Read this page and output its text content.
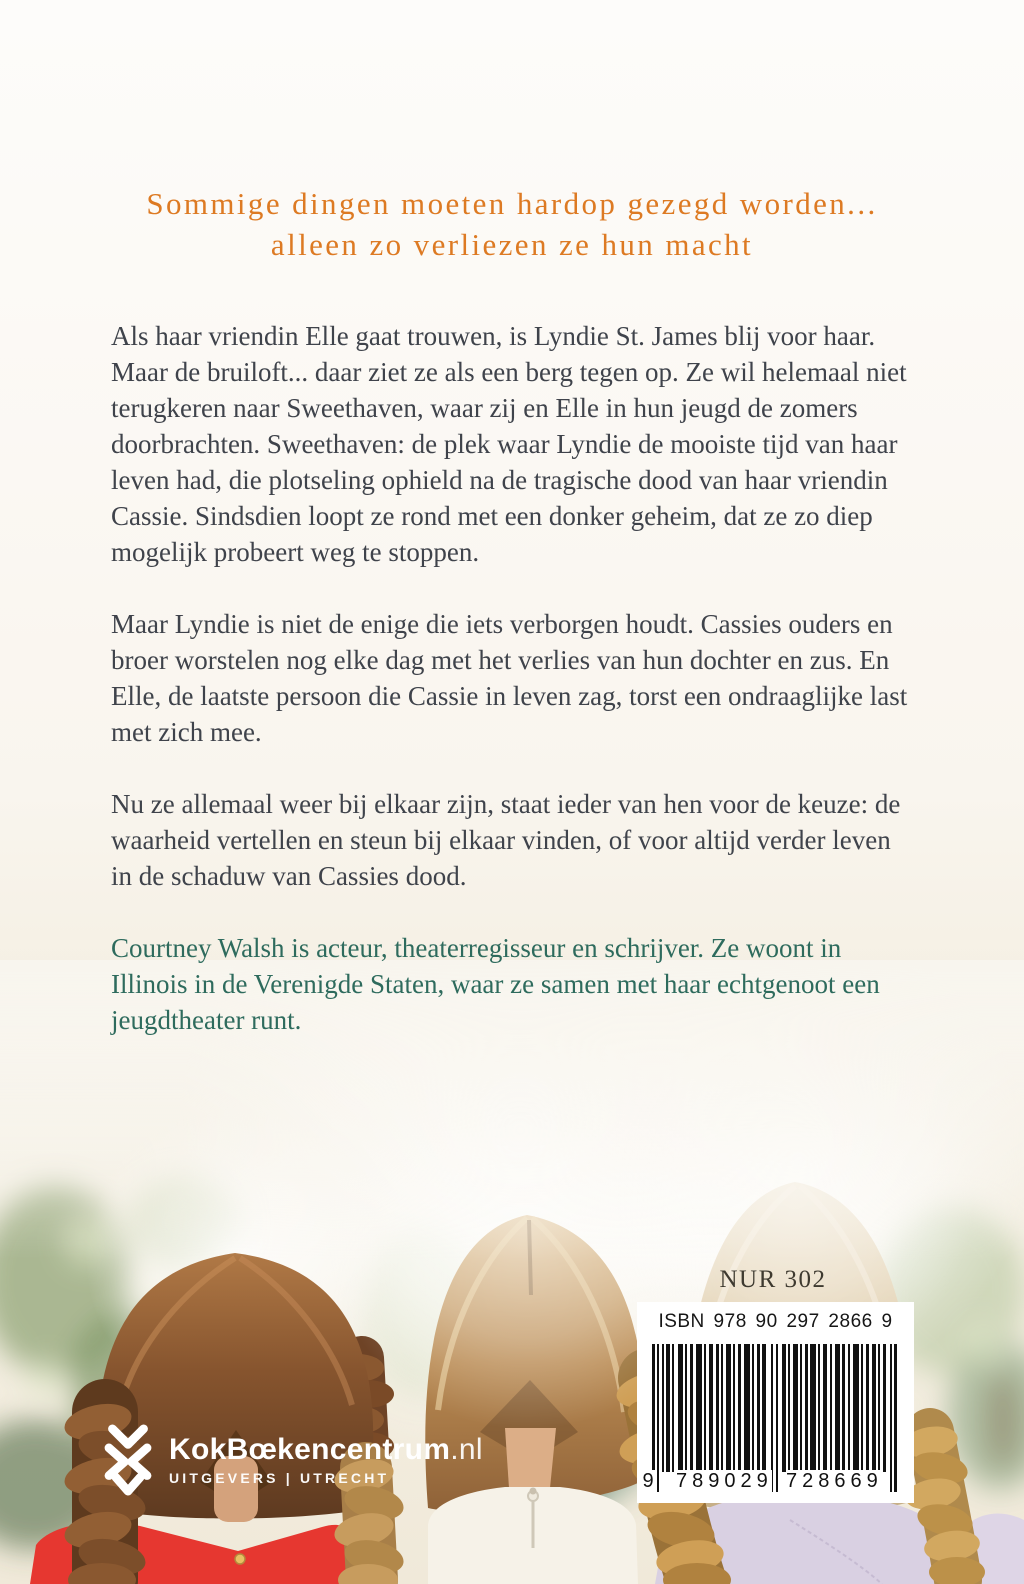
Sommige dingen moeten hardop gezegd worden...
alleen zo verliezen ze hun macht

Als haar vriendin Elle gaat trouwen, is Lyndie St. James blij voor haar. Maar de bruiloft... daar ziet ze als een berg tegen op. Ze wil helemaal niet terugkeren naar Sweethaven, waar zij en Elle in hun jeugd de zomers doorbrachten. Sweethaven: de plek waar Lyndie de mooiste tijd van haar leven had, die plotseling ophield na de tragische dood van haar vriendin Cassie. Sindsdien loopt ze rond met een donker geheim, dat ze zo diep mogelijk probeert weg te stoppen.

Maar Lyndie is niet de enige die iets verborgen houdt. Cassies ouders en broer worstelen nog elke dag met het verlies van hun dochter en zus. En Elle, de laatste persoon die Cassie in leven zag, torst een ondraaglijke last met zich mee.

Nu ze allemaal weer bij elkaar zijn, staat ieder van hen voor de keuze: de waarheid vertellen en steun bij elkaar vinden, of voor altijd verder leven in de schaduw van Cassies dood.

Courtney Walsh is acteur, theaterregisseur en schrijver. Ze woont in Illinois in de Verenigde Staten, waar ze samen met haar echtgenoot een jeugdtheater runt.

NUR 302
ISBN 978 90 297 2866 9
9 789029 728669
KokBœkencentrum.nl
UITGEVERS | UTRECHT
